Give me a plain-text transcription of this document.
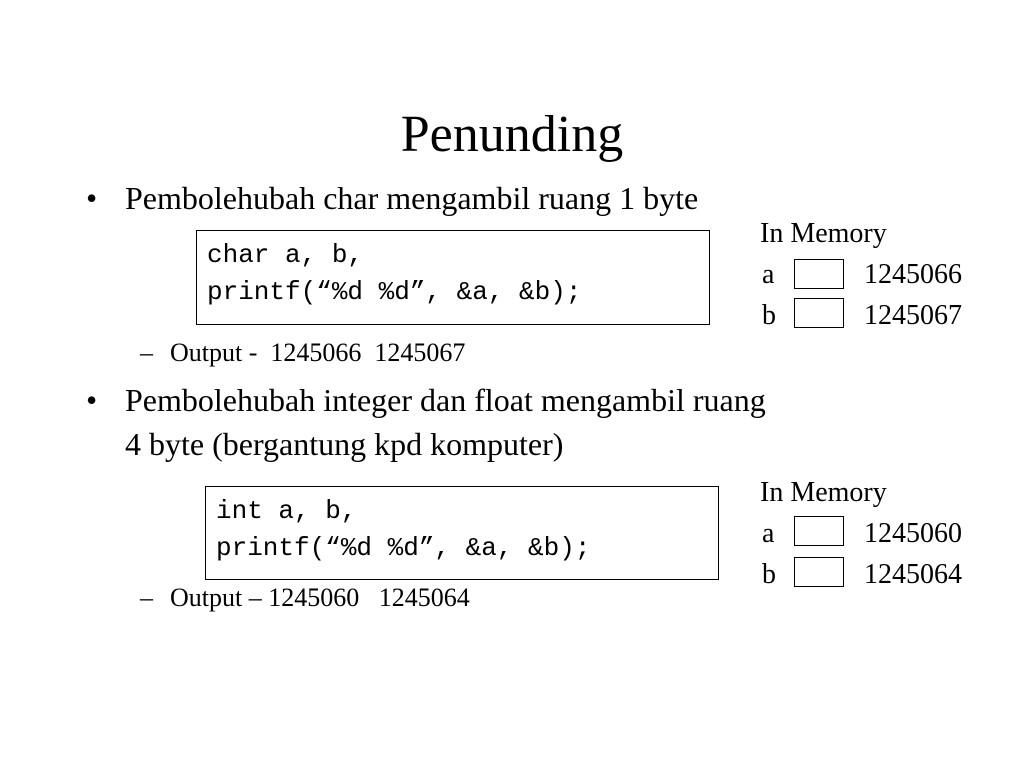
Penunding
• Pembolehubah char mengambil ruang 1 byte
char a, b,
printf(“%d %d”, &a, &b);
– Output -  1245066  1245067
In Memory
a	1245066
b	1245067
• Pembolehubah integer dan float mengambil ruang
4 byte (bergantung kpd komputer)
int a, b,
printf(“%d %d”, &a, &b);
– Output – 1245060   1245064
In Memory
a	1245060
b	1245064
